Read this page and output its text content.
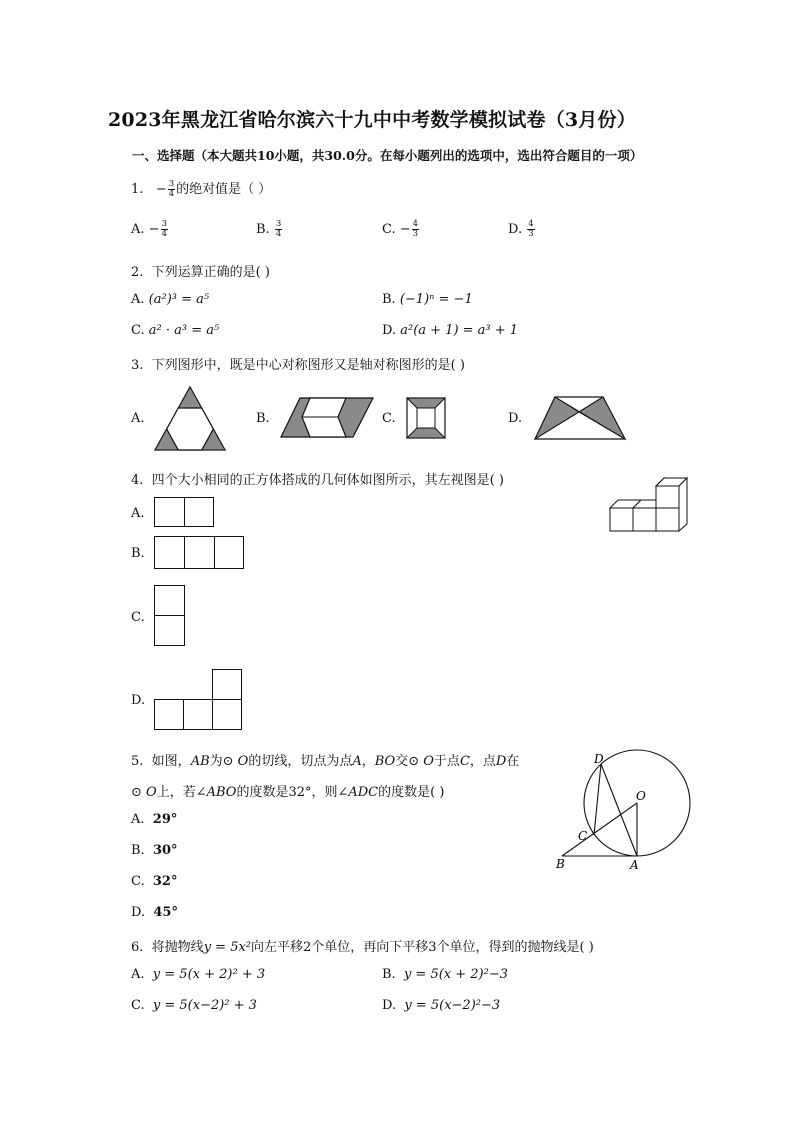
2023年黑龙江省哈尔滨六十九中中考数学模拟试卷（3月份）
一、选择题（本大题共10小题，共30.0分。在每小题列出的选项中，选出符合题目的一项）
1. − $\frac{3}{4}$ 的绝对值是（ ）
A. − $\frac{3}{4}$	B. $\frac{3}{4}$	C. − $\frac{4}{3}$	D. $\frac{4}{3}$
2. 下列运算正确的是( )
A. (a²)³ = a⁵	B. (−1)ⁿ = −1
C. a² · a³ = a⁵	D. a²(a + 1) = a³ + 1
3. 下列图形中，既是中心对称图形又是轴对称图形的是( )
A.	B.	C.	D.
4. 四个大小相同的正方体搭成的几何体如图所示，其左视图是( )
A.
B.
C.
D.
5. 如图，AB为⊙ O的切线，切点为点A，BO交⊙ O于点C，点D在
⊙ O上，若∠ABO的度数是32°，则∠ADC的度数是( )
A. 29°
B. 30°
C. 32°
D. 45°
D
O
C
B	A
6. 将抛物线y = 5x²向左平移2个单位，再向下平移3个单位，得到的抛物线是( )
A. y = 5(x + 2)² + 3	B. y = 5(x + 2)²−3
C. y = 5(x−2)² + 3	D. y = 5(x−2)²−3
